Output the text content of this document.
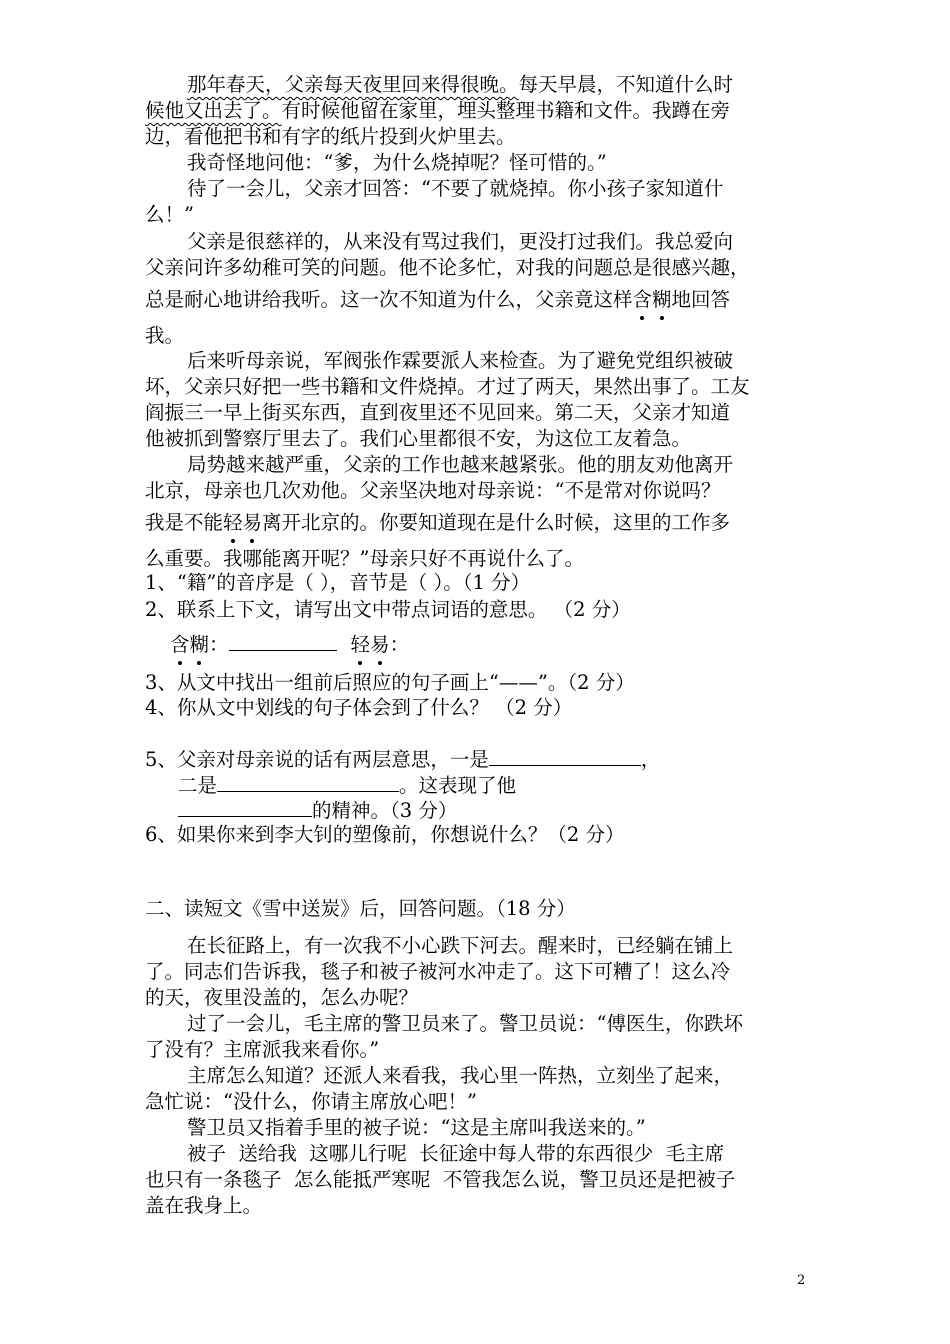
那年春天，父亲每天夜里回来得很晚。每天早晨，不知道什么时
候他又出去了。有时候他留在家里，埋头整理书籍和文件。我蹲在旁
边，看他把书和有字的纸片投到火炉里去。
我奇怪地问他：“爹，为什么烧掉呢？怪可惜的。”
待了一会儿，父亲才回答：“不要了就烧掉。你小孩子家知道什
么！”
父亲是很慈祥的，从来没有骂过我们，更没打过我们。我总爱向
父亲问许多幼稚可笑的问题。他不论多忙，对我的问题总是很感兴趣，
总是耐心地讲给我听。这一次不知道为什么，父亲竟这样含糊地回答
我。
后来听母亲说，军阀张作霖要派人来检查。为了避免党组织被破
坏，父亲只好把一些书籍和文件烧掉。才过了两天，果然出事了。工友
阎振三一早上街买东西，直到夜里还不见回来。第二天，父亲才知道
他被抓到警察厅里去了。我们心里都很不安，为这位工友着急。
局势越来越严重，父亲的工作也越来越紧张。他的朋友劝他离开
北京，母亲也几次劝他。父亲坚决地对母亲说：“不是常对你说吗？
我是不能轻易离开北京的。你要知道现在是什么时候，这里的工作多
么重要。我哪能离开呢？”母亲只好不再说什么了。
1、“籍”的音序是（ ），音节是（ ）。（1 分）
2、联系上下文，请写出文中带点词语的意思。 （2 分）
含糊：	轻易：
3、从文中找出一组前后照应的句子画上“——”。（2 分）
4、你从文中划线的句子体会到了什么？ （2 分）
5、父亲对母亲说的话有两层意思，一是	，
二是	。这表现了他
的精神。（3 分）
6、如果你来到李大钊的塑像前，你想说什么？（2 分）
二、读短文《雪中送炭》后，回答问题。（18 分）
在长征路上，有一次我不小心跌下河去。醒来时，已经躺在铺上
了。同志们告诉我，毯子和被子被河水冲走了。这下可糟了！这么冷
的天，夜里没盖的，怎么办呢？
过了一会儿，毛主席的警卫员来了。警卫员说：“傅医生，你跌坏
了没有？主席派我来看你。”
主席怎么知道？还派人来看我，我心里一阵热，立刻坐了起来，
急忙说：“没什么，你请主席放心吧！”
警卫员又指着手里的被子说：“这是主席叫我送来的。”
被子  送给我  这哪儿行呢  长征途中每人带的东西很少  毛主席
也只有一条毯子  怎么能抵严寒呢  不管我怎么说，警卫员还是把被子
盖在我身上。
2
